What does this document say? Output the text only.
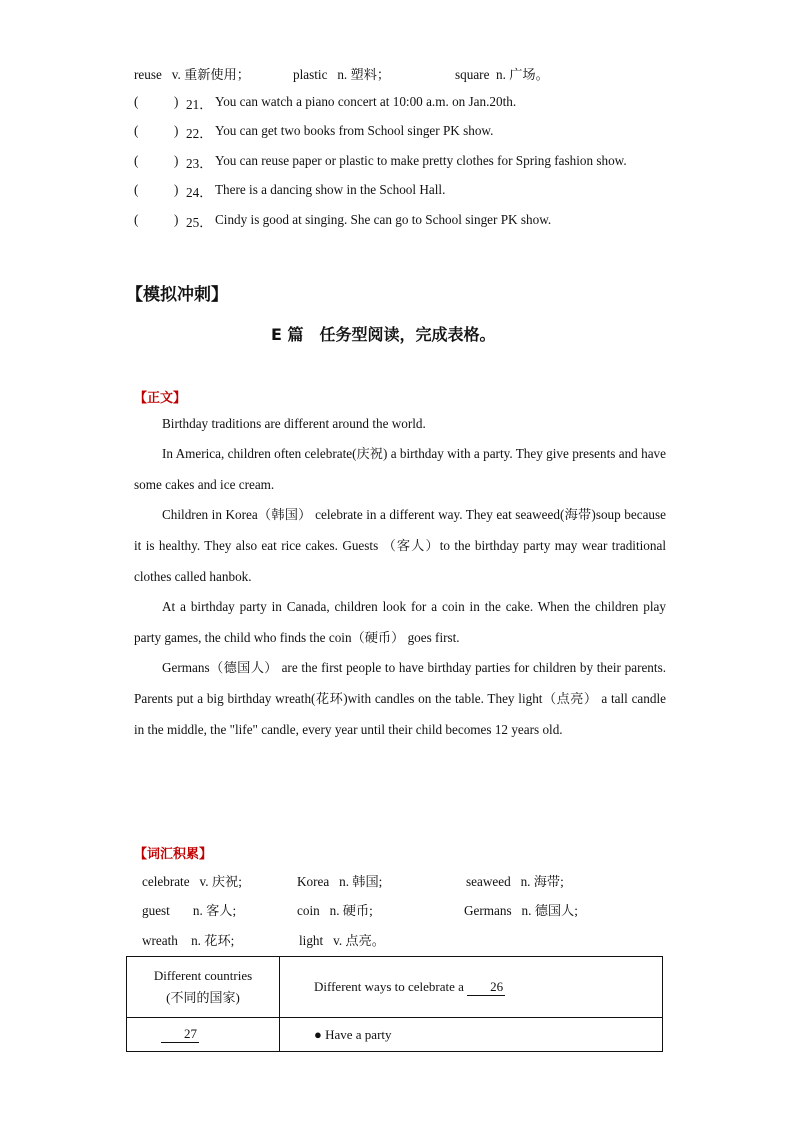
reuse v. 重新使用；	plastic n. 塑料；	square n. 广场。
(	) 21． You can watch a piano concert at 10:00 a.m. on Jan.20th.
(	) 22． You can get two books from School singer PK show.
(	) 23． You can reuse paper or plastic to make pretty clothes for Spring fashion show.
(	) 24． There is a dancing show in the School Hall.
(	) 25． Cindy is good at singing. She can go to School singer PK show.
【模拟冲刺】
E 篇　任务型阅读，完成表格。
【正文】
Birthday traditions are different around the world.
In America, children often celebrate(庆祝) a birthday with a party. They give presents and have some cakes and ice cream.
Children in Korea（韩国） celebrate in a different way. They eat seaweed(海带)soup because it is healthy. They also eat rice cakes. Guests （客人）to the birthday party may wear traditional clothes called hanbok.
At a birthday party in Canada, children look for a coin in the cake. When the children play party games, the child who finds the coin（硬币） goes first.
Germans（德国人） are the first people to have birthday parties for children by their parents. Parents put a big birthday wreath(花环)with candles on the table. They light（点亮） a tall candle in the middle, the "life" candle, every year until their child becomes 12 years old.
【词汇积累】
celebrate v. 庆祝;	Korea n. 韩国;	seaweed n. 海带;
guest n. 客人;	coin n. 硬币;	Germans n. 德国人;
wreath n. 花环;	light v. 点亮。
Different countries
(不同的国家)	Different ways to celebrate a 26
27	● Have a party
